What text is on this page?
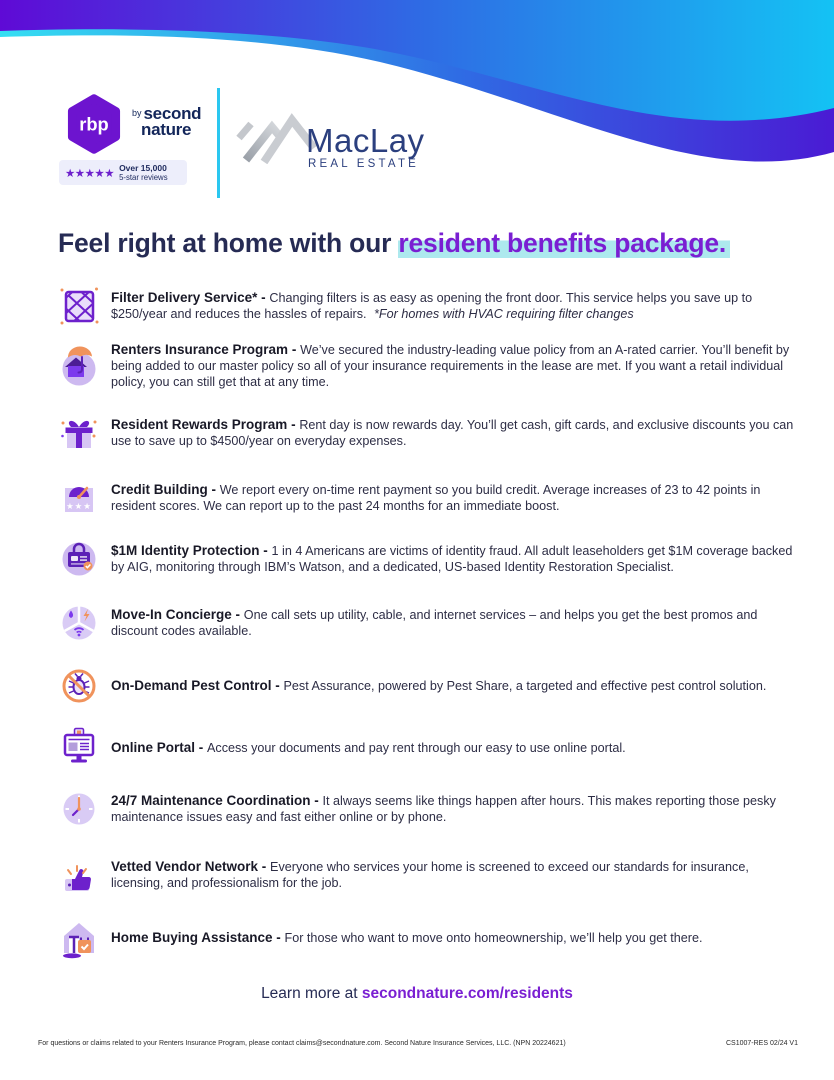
rbp
$^{by}$ second
nature
★★★★★ Over 15,000
5-star reviews
MacLay
REAL ESTATE
Feel right at home with our resident benefits package.

Filter Delivery Service* - Changing filters is as easy as opening the front door. This service helps you save up to $250/year and reduces the hassles of repairs. *For homes with HVAC requiring filter changes

Renters Insurance Program - We’ve secured the industry-leading value policy from an A-rated carrier. You’ll benefit by being added to our master policy so all of your insurance requirements in the lease are met. If you want a retail individual policy, you can still get that at any time.

Resident Rewards Program - Rent day is now rewards day. You’ll get cash, gift cards, and exclusive discounts you can use to save up to $4500/year on everyday expenses.

★★★

Credit Building - We report every on-time rent payment so you build credit. Average increases of 23 to 42 points in resident scores. We can report up to the past 24 months for an immediate boost.

$1M Identity Protection - 1 in 4 Americans are victims of identity fraud. All adult leaseholders get $1M coverage backed by AIG, monitoring through IBM’s Watson, and a dedicated, US-based Identity Restoration Specialist.

Move-In Concierge - One call sets up utility, cable, and internet services – and helps you get the best promos and discount codes available.

On-Demand Pest Control - Pest Assurance, powered by Pest Share, a targeted and effective pest control solution.

Online Portal - Access your documents and pay rent through our easy to use online portal.

24/7 Maintenance Coordination - It always seems like things happen after hours. This makes reporting those pesky maintenance issues easy and fast either online or by phone.

Vetted Vendor Network - Everyone who services your home is screened to exceed our standards for insurance, licensing, and professionalism for the job.

Home Buying Assistance - For those who want to move onto homeownership, we’ll help you get there.

Learn more at secondnature.com/residents
For questions or claims related to your Renters Insurance Program, please contact claims@secondnature.com. Second Nature Insurance Services, LLC. (NPN 20224621)	CS1007-RES 02/24 V1
